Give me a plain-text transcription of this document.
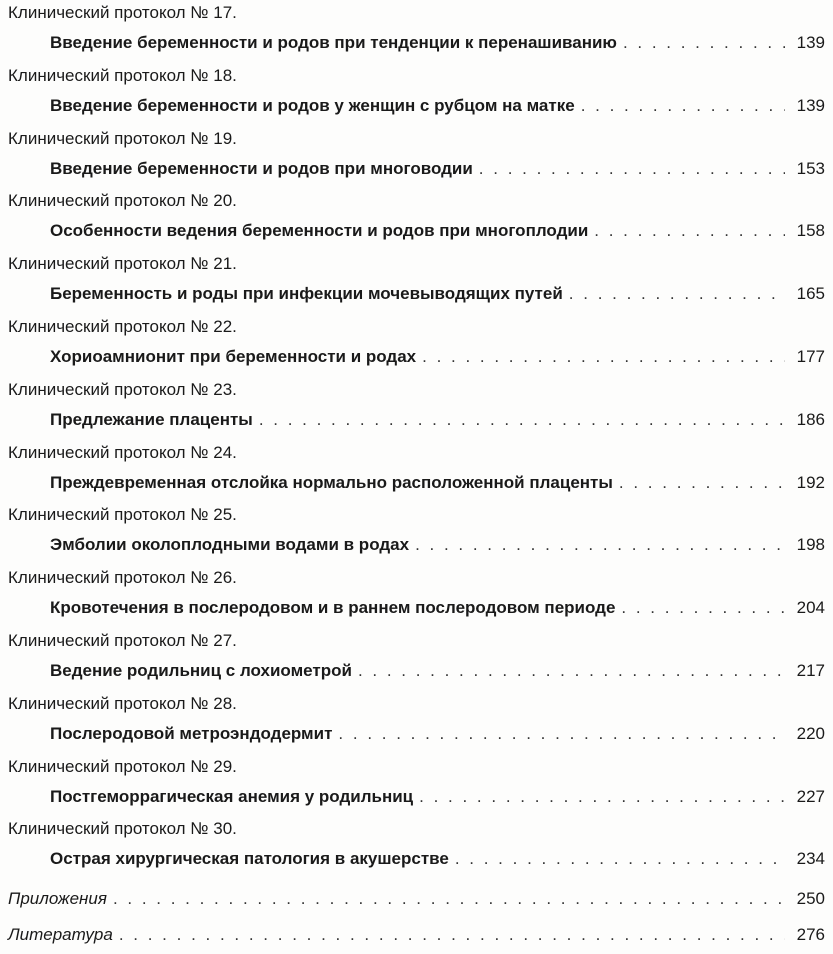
Клинический протокол № 17.
Введение беременности и родов при тенденции к перенашиванию . . .	139
Клинический протокол № 18.
Введение беременности и родов у женщин с рубцом на матке . . .	139
Клинический протокол № 19.
Введение беременности и родов при многоводии . . .	153
Клинический протокол № 20.
Особенности ведения беременности и родов при многоплодии . . .	158
Клинический протокол № 21.
Беременность и роды при инфекции мочевыводящих путей . . .	165
Клинический протокол № 22.
Хориоамнионит при беременности и родах . . .	177
Клинический протокол № 23.
Предлежание плаценты . . .	186
Клинический протокол № 24.
Преждевременная отслойка нормально расположенной плаценты . . .	192
Клинический протокол № 25.
Эмболии околоплодными водами в родах . . .	198
Клинический протокол № 26.
Кровотечения в послеродовом и в раннем послеродовом периоде . . .	204
Клинический протокол № 27.
Ведение родильниц с лохиометрой . . .	217
Клинический протокол № 28.
Послеродовой метроэндодермит . . .	220
Клинический протокол № 29.
Постгеморрагическая анемия у родильниц . . .	227
Клинический протокол № 30.
Острая хирургическая патология в акушерстве . . .	234
Приложения . . .	250
Литература . . .	276
